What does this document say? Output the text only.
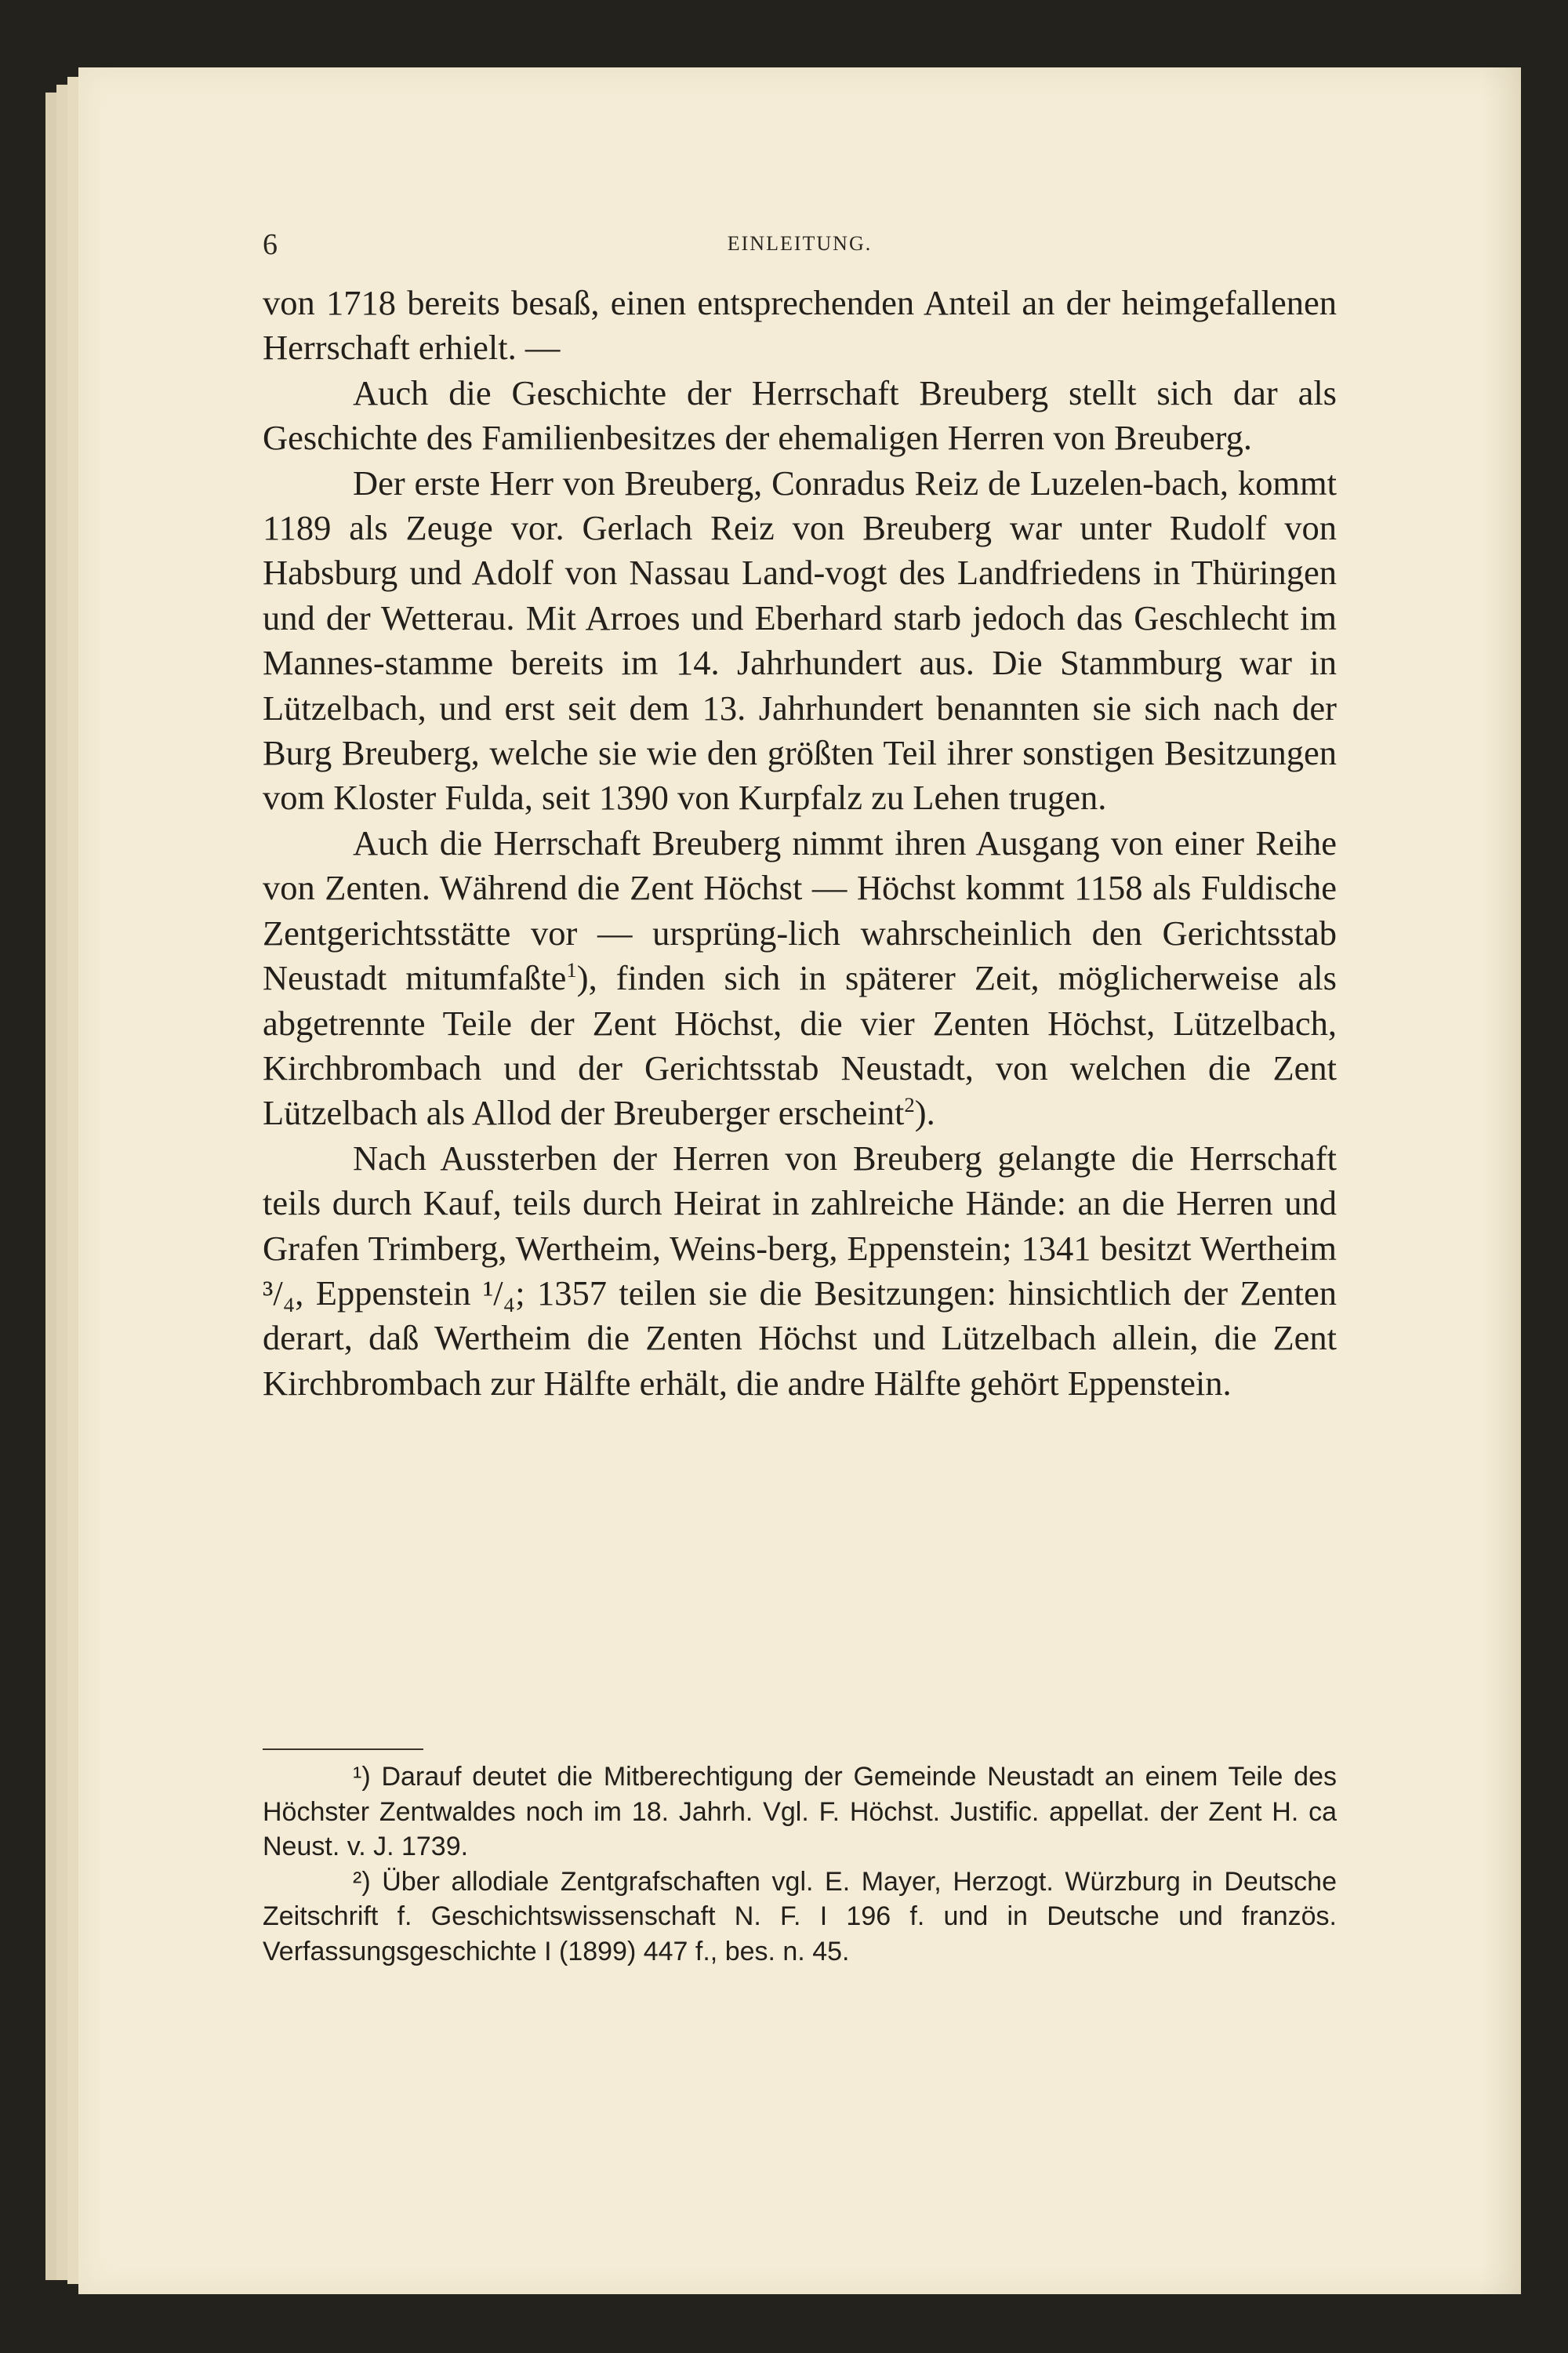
6	EINLEITUNG.

von 1718 bereits besaß, einen entsprechenden Anteil an der heimgefallenen Herrschaft erhielt. —

Auch die Geschichte der Herrschaft Breuberg stellt sich dar als Geschichte des Familienbesitzes der ehemaligen Herren von Breuberg.

Der erste Herr von Breuberg, Conradus Reiz de Luzelen-bach, kommt 1189 als Zeuge vor. Gerlach Reiz von Breuberg war unter Rudolf von Habsburg und Adolf von Nassau Land-vogt des Landfriedens in Thüringen und der Wetterau. Mit Arroes und Eberhard starb jedoch das Geschlecht im Mannes-stamme bereits im 14. Jahrhundert aus. Die Stammburg war in Lützelbach, und erst seit dem 13. Jahrhundert benannten sie sich nach der Burg Breuberg, welche sie wie den größten Teil ihrer sonstigen Besitzungen vom Kloster Fulda, seit 1390 von Kurpfalz zu Lehen trugen.

Auch die Herrschaft Breuberg nimmt ihren Ausgang von einer Reihe von Zenten. Während die Zent Höchst — Höchst kommt 1158 als Fuldische Zentgerichtsstätte vor — ursprüng-lich wahrscheinlich den Gerichtsstab Neustadt mitumfaßte$^1$), finden sich in späterer Zeit, möglicherweise als abgetrennte Teile der Zent Höchst, die vier Zenten Höchst, Lützelbach, Kirchbrombach und der Gerichtsstab Neustadt, von welchen die Zent Lützelbach als Allod der Breuberger erscheint$^2$).

Nach Aussterben der Herren von Breuberg gelangte die Herrschaft teils durch Kauf, teils durch Heirat in zahlreiche Hände: an die Herren und Grafen Trimberg, Wertheim, Weins-berg, Eppenstein; 1341 besitzt Wertheim ³/₄, Eppenstein ¹/₄; 1357 teilen sie die Besitzungen: hinsichtlich der Zenten derart, daß Wertheim die Zenten Höchst und Lützelbach allein, die Zent Kirchbrombach zur Hälfte erhält, die andre Hälfte gehört Eppenstein.

¹) Darauf deutet die Mitberechtigung der Gemeinde Neustadt an einem Teile des Höchster Zentwaldes noch im 18. Jahrh. Vgl. F. Höchst. Justific. appellat. der Zent H. ca Neust. v. J. 1739.

²) Über allodiale Zentgrafschaften vgl. E. Mayer, Herzogt. Würzburg in Deutsche Zeitschrift f. Geschichtswissenschaft N. F. I 196 f. und in Deutsche und französ. Verfassungsgeschichte I (1899) 447 f., bes. n. 45.
